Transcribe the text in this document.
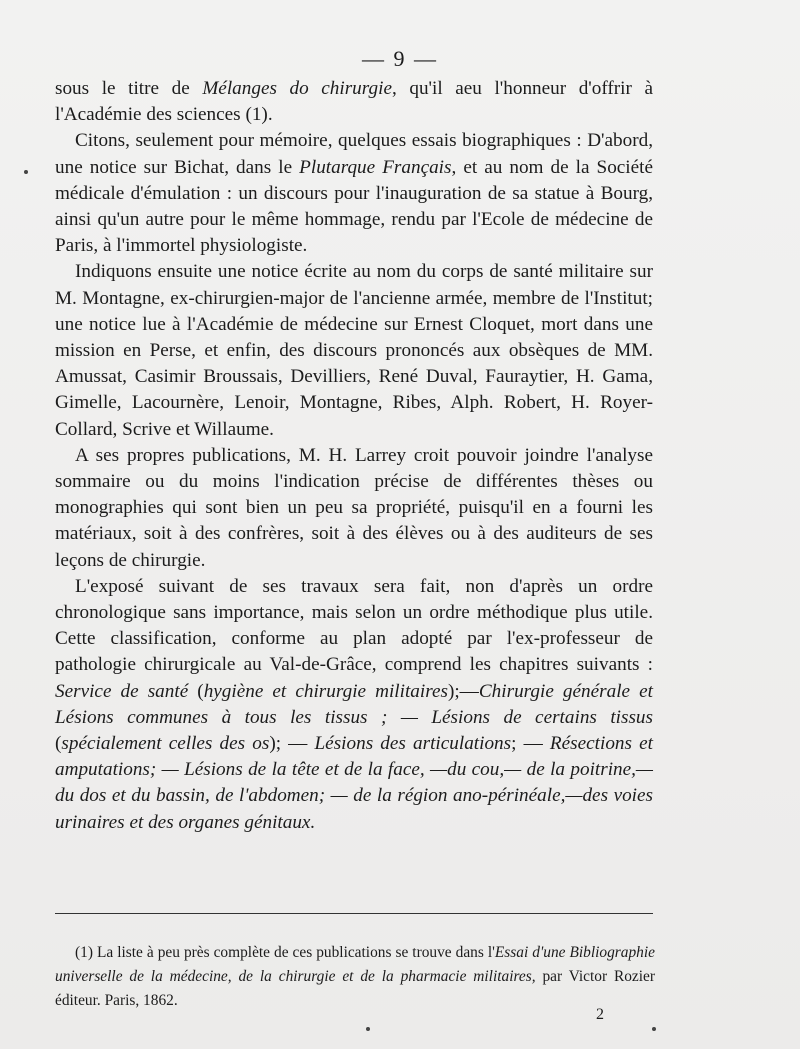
— 9 —

sous le titre de Mélanges do chirurgie, qu'il aeu l'honneur d'offrir à l'Académie des sciences (1).

Citons, seulement pour mémoire, quelques essais biographiques : D'abord, une notice sur Bichat, dans le Plutarque Français, et au nom de la Société médicale d'émulation : un discours pour l'inauguration de sa statue à Bourg, ainsi qu'un autre pour le même hommage, rendu par l'Ecole de médecine de Paris, à l'immortel physiologiste.

Indiquons ensuite une notice écrite au nom du corps de santé militaire sur M. Montagne, ex-chirurgien-major de l'ancienne armée, membre de l'Institut; une notice lue à l'Académie de médecine sur Ernest Cloquet, mort dans une mission en Perse, et enfin, des discours prononcés aux obsèques de MM. Amussat, Casimir Broussais, Devilliers, René Duval, Fauraytier, H. Gama, Gimelle, Lacournère, Lenoir, Montagne, Ribes, Alph. Robert, H. Royer-Collard, Scrive et Willaume.

A ses propres publications, M. H. Larrey croit pouvoir joindre l'analyse sommaire ou du moins l'indication précise de différentes thèses ou monographies qui sont bien un peu sa propriété, puisqu'il en a fourni les matériaux, soit à des confrères, soit à des élèves ou à des auditeurs de ses leçons de chirurgie.

L'exposé suivant de ses travaux sera fait, non d'après un ordre chronologique sans importance, mais selon un ordre méthodique plus utile. Cette classification, conforme au plan adopté par l'ex-professeur de pathologie chirurgicale au Val-de-Grâce, comprend les chapitres suivants : Service de santé (hygiène et chirurgie militaires);—Chirurgie générale et Lésions communes à tous les tissus ; — Lésions de certains tissus (spécialement celles des os); — Lésions des articulations; — Résections et amputations; — Lésions de la tête et de la face, —du cou,— de la poitrine,—du dos et du bassin, de l'abdomen; — de la région ano-périnéale,—des voies urinaires et des organes génitaux.

(1) La liste à peu près complète de ces publications se trouve dans l'Essai d'une Bibliographie universelle de la médecine, de la chirurgie et de la pharmacie militaires, par Victor Rozier éditeur. Paris, 1862.

2
